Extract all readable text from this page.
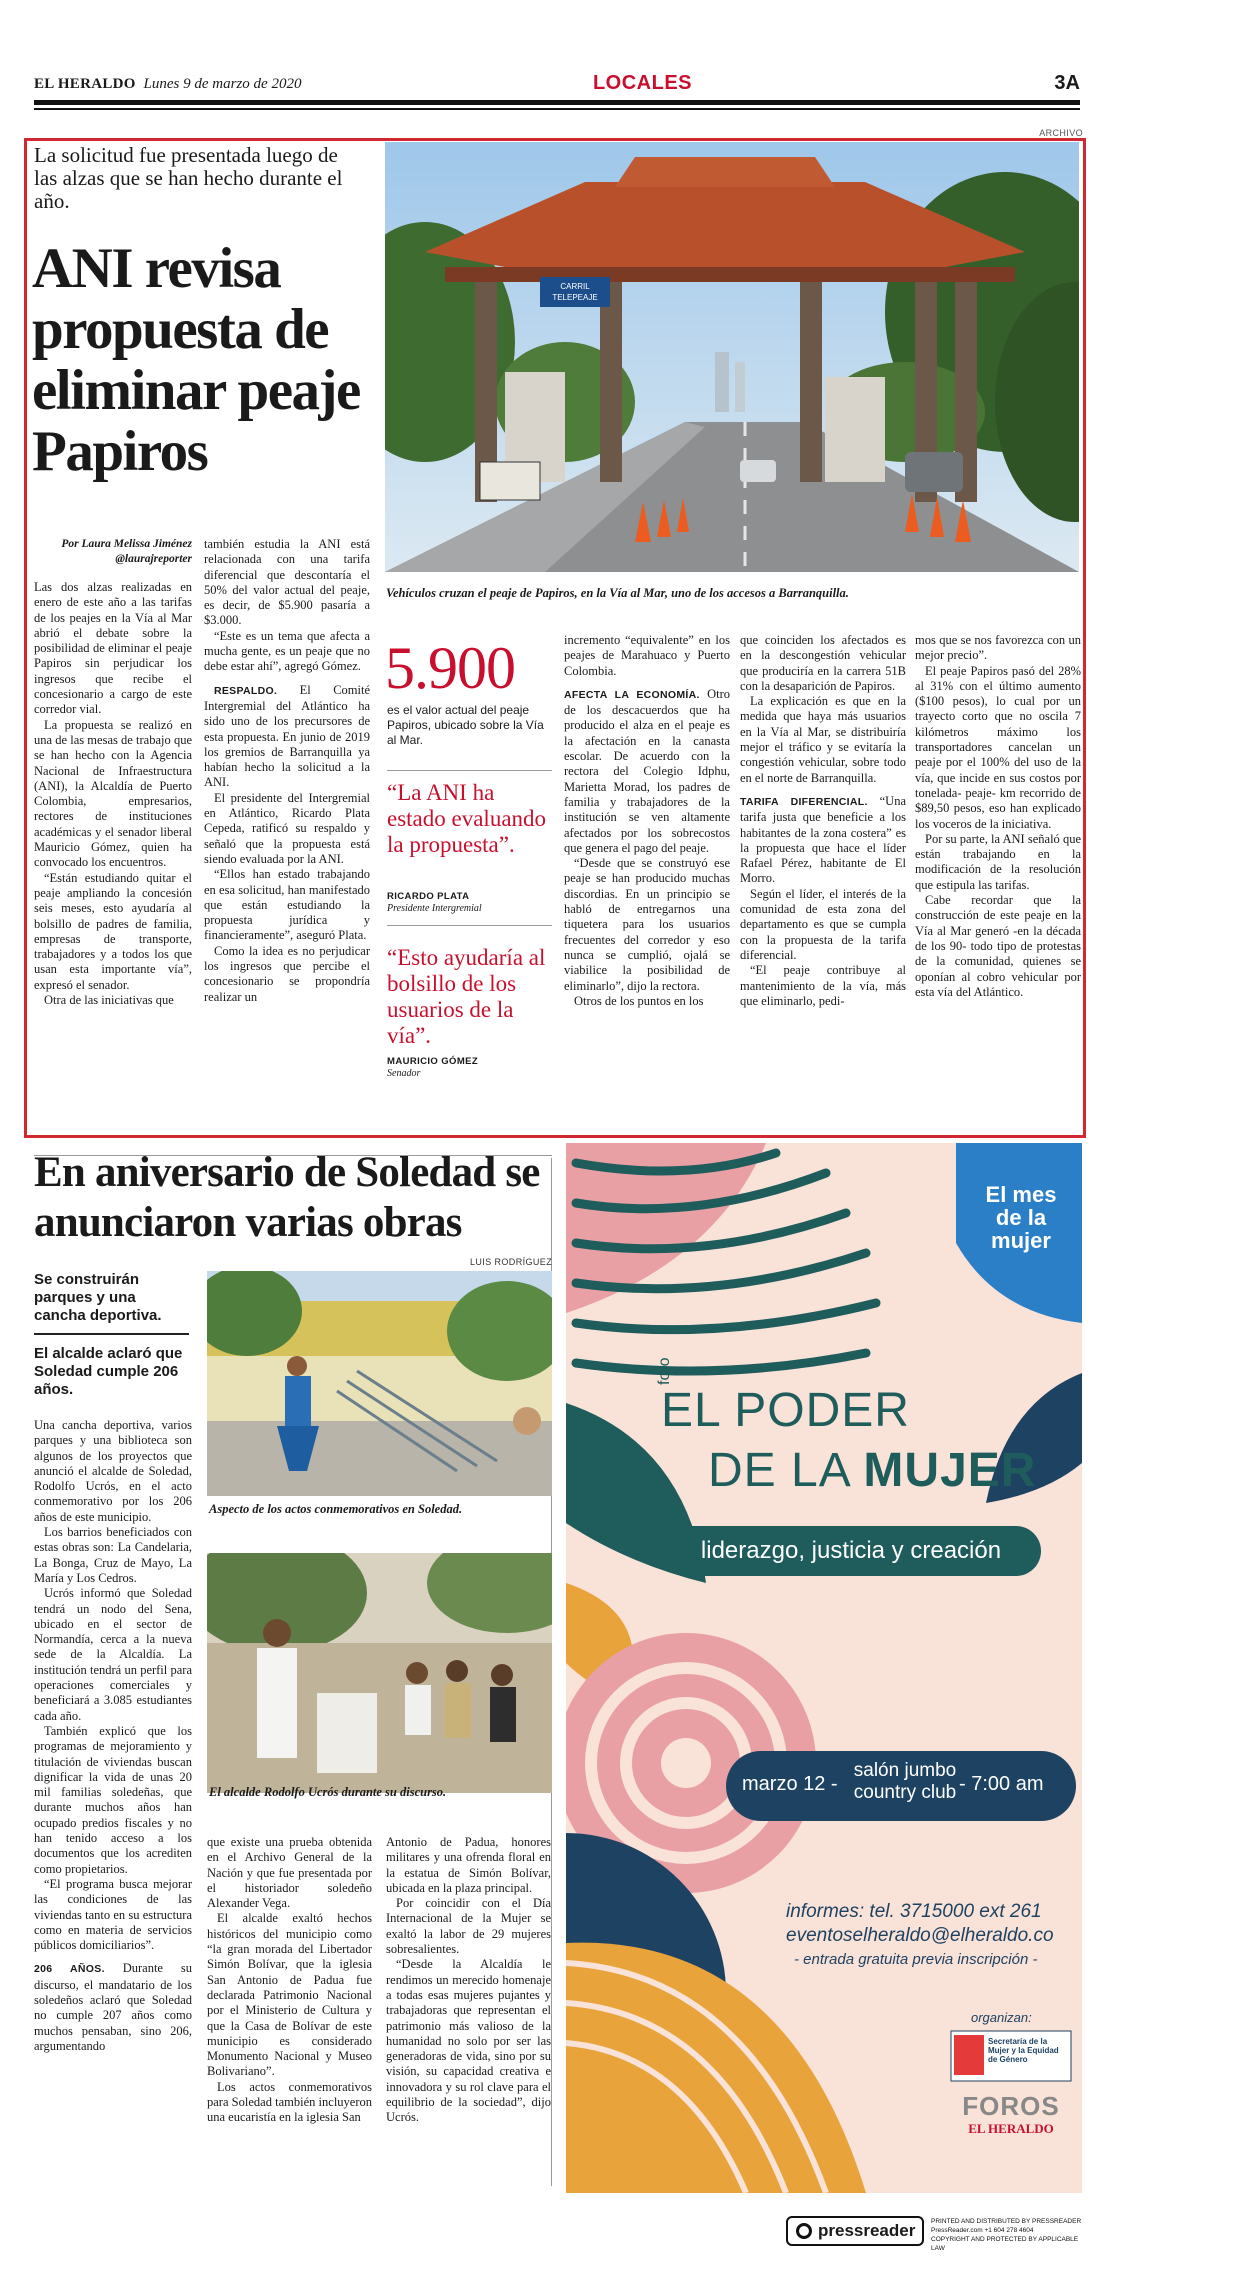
EL HERALDO Lunes 9 de marzo de 2020	LOCALES	3A
ARCHIVO
La solicitud fue presentada luego de las alzas que se han hecho durante el año.
ANI revisa propuesta de eliminar peaje Papiros
CARRIL
TELEPEAJE
Vehículos cruzan el peaje de Papiros, en la Vía al Mar, uno de los accesos a Barranquilla.
Por Laura Melissa Jiménez
@laurajreporter

Las dos alzas realizadas en enero de este año a las tarifas de los peajes en la Vía al Mar abrió el debate sobre la posibilidad de eliminar el peaje Papiros sin perjudicar los ingresos que recibe el concesionario a cargo de este corredor vial.

La propuesta se realizó en una de las mesas de trabajo que se han hecho con la Agencia Nacional de Infraestructura (ANI), la Alcaldía de Puerto Colombia, empresarios, rectores de instituciones académicas y el senador liberal Mauricio Gómez, quien ha convocado los encuentros.

“Están estudiando quitar el peaje ampliando la concesión seis meses, esto ayudaría al bolsillo de padres de familia, empresas de transporte, trabajadores y a todos los que usan esta importante vía”, expresó el senador.

Otra de las iniciativas que

también estudia la ANI está relacionada con una tarifa diferencial que descontaría el 50% del valor actual del peaje, es decir, de $5.900 pasaría a $3.000.

“Este es un tema que afecta a mucha gente, es un peaje que no debe estar ahí”, agregó Gómez.

RESPALDO. El Comité Intergremial del Atlántico ha sido uno de los precursores de esta propuesta. En junio de 2019 los gremios de Barranquilla ya habían hecho la solicitud a la ANI.

El presidente del Intergremial en Atlántico, Ricardo Plata Cepeda, ratificó su respaldo y señaló que la propuesta está siendo evaluada por la ANI.

“Ellos han estado trabajando en esa solicitud, han manifestado que están estudiando la propuesta jurídica y financieramente”, aseguró Plata.

Como la idea es no perjudicar los ingresos que percibe el concesionario se propondría realizar un

5.900
es el valor actual del peaje Papiros, ubicado sobre la Vía al Mar.
“La ANI ha estado evaluando la propuesta”.
RICARDO PLATA
Presidente Intergremial
“Esto ayudaría al bolsillo de los usuarios de la vía”.
MAURICIO GÓMEZ
Senador

incremento “equivalente” en los peajes de Marahuaco y Puerto Colombia.

AFECTA LA ECONOMÍA. Otro de los descacuerdos que ha producido el alza en el peaje es la afectación en la canasta escolar. De acuerdo con la rectora del Colegio Idphu, Marietta Morad, los padres de familia y trabajadores de la institución se ven altamente afectados por los sobrecostos que genera el pago del peaje.

“Desde que se construyó ese peaje se han producido muchas discordias. En un principio se habló de entregarnos una tiquetera para los usuarios frecuentes del corredor y eso nunca se cumplió, ojalá se viabilice la posibilidad de eliminarlo”, dijo la rectora.

Otros de los puntos en los

que coinciden los afectados es en la descongestión vehicular que produciría en la carrera 51B con la desaparición de Papiros.

La explicación es que en la medida que haya más usuarios en la Vía al Mar, se distribuiría mejor el tráfico y se evitaría la congestión vehicular, sobre todo en el norte de Barranquilla.

TARIFA DIFERENCIAL. “Una tarifa justa que beneficie a los habitantes de la zona costera” es la propuesta que hace el líder Rafael Pérez, habitante de El Morro.

Según el líder, el interés de la comunidad de esta zona del departamento es que se cumpla con la propuesta de la tarifa diferencial.

“El peaje contribuye al mantenimiento de la vía, más que eliminarlo, pedi-

mos que se nos favorezca con un mejor precio”.

El peaje Papiros pasó del 28% al 31% con el último aumento ($100 pesos), lo cual por un trayecto corto que no oscila 7 kilómetros máximo los transportadores cancelan un peaje por el 100% del uso de la vía, que incide en sus costos por tonelada- peaje- km recorrido de $89,50 pesos, eso han explicado los voceros de la iniciativa.

Por su parte, la ANI señaló que están trabajando en la modificación de la resolución que estipula las tarifas.

Cabe recordar que la construcción de este peaje en la Vía al Mar generó -en la década de los 90- todo tipo de protestas de la comunidad, quienes se oponían al cobro vehicular por esta vía del Atlántico.

En aniversario de Soledad se anunciaron varias obras
LUIS RODRÍGUEZ
Se construirán parques y una cancha deportiva.
El alcalde aclaró que Soledad cumple 206 años.
Aspecto de los actos conmemorativos en Soledad.
El alcalde Rodolfo Ucrós durante su discurso.

Una cancha deportiva, varios parques y una biblioteca son algunos de los proyectos que anunció el alcalde de Soledad, Rodolfo Ucrós, en el acto conmemorativo por los 206 años de este municipio.

Los barrios beneficiados con estas obras son: La Candelaria, La Bonga, Cruz de Mayo, La María y Los Cedros.

Ucrós informó que Soledad tendrá un nodo del Sena, ubicado en el sector de Normandía, cerca a la nueva sede de la Alcaldía. La institución tendrá un perfil para operaciones comerciales y beneficiará a 3.085 estudiantes cada año.

También explicó que los programas de mejoramiento y titulación de viviendas buscan dignificar la vida de unas 20 mil familias soledeñas, que durante muchos años han ocupado predios fiscales y no han tenido acceso a los documentos que los acrediten como propietarios.

“El programa busca mejorar las condiciones de las viviendas tanto en su estructura como en materia de servicios públicos domiciliarios”.

206 AÑOS. Durante su discurso, el mandatario de los soledeños aclaró que Soledad no cumple 207 años como muchos pensaban, sino 206, argumentando

que existe una prueba obtenida en el Archivo General de la Nación y que fue presentada por el historiador soledeño Alexander Vega.

El alcalde exaltó hechos históricos del municipio como “la gran morada del Libertador Simón Bolívar, que la iglesia San Antonio de Padua fue declarada Patrimonio Nacional por el Ministerio de Cultura y que la Casa de Bolívar de este municipio es considerado Monumento Nacional y Museo Bolivariano”.

Los actos conmemorativos para Soledad también incluyeron una eucaristía en la iglesia San

Antonio de Padua, honores militares y una ofrenda floral en la estatua de Simón Bolívar, ubicada en la plaza principal.

Por coincidir con el Día Internacional de la Mujer se exaltó la labor de 29 mujeres sobresalientes.

“Desde la Alcaldía le rendimos un merecido homenaje a todas esas mujeres pujantes y trabajadoras que representan el patrimonio más valioso de la humanidad no solo por ser las generadoras de vida, sino por su visión, su capacidad creativa e innovadora y su rol clave para el equilibrio de la sociedad”, dijo Ucrós.

El mes
de la
mujer
foro
EL PODER
DE LA MUJER
liderazgo, justicia y creación
marzo 12 -
salón jumbo
country club - 7:00 am
informes: tel. 3715000 ext 261
eventoselheraldo@elheraldo.co
- entrada gratuita previa inscripción -
organizan:
Secretaría de la Mujer y la Equidad de Género
FOROS
EL HERALDO
pressreader PRINTED AND DISTRIBUTED BY PRESSREADER
PressReader.com +1 604 278 4604
COPYRIGHT AND PROTECTED BY APPLICABLE LAW
